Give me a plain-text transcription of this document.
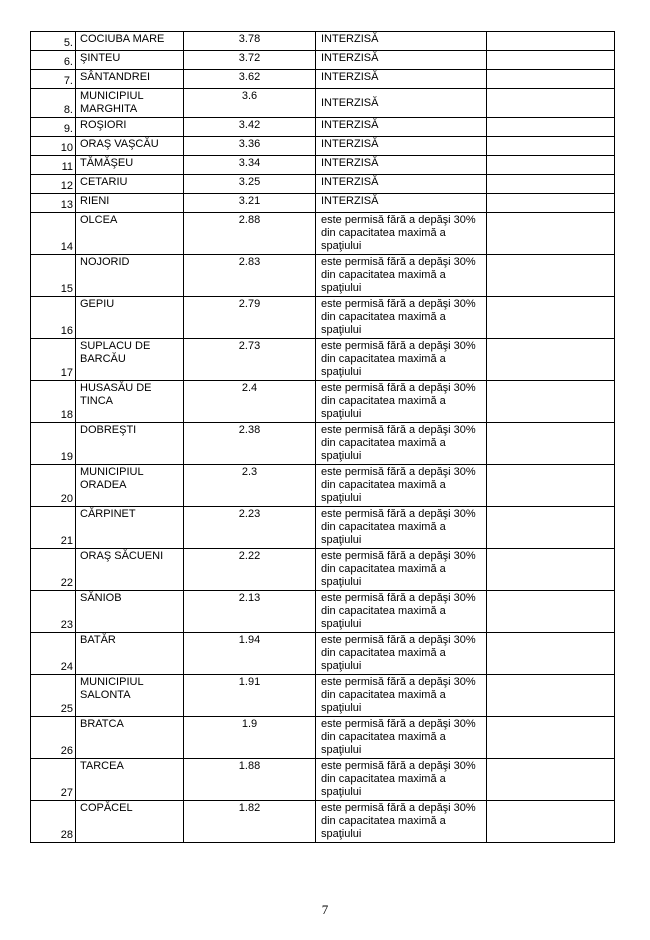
5.	COCIUBA MARE	3.78	INTERZISĂ	
6.	ŞINTEU	3.72	INTERZISĂ	
7.	SÂNTANDREI	3.62	INTERZISĂ	
8.	MUNICIPIUL MARGHITA	3.6	INTERZISĂ	
9.	ROŞIORI	3.42	INTERZISĂ	
10	ORAŞ VAŞCĂU	3.36	INTERZISĂ	
11	TĂMĂŞEU	3.34	INTERZISĂ	
12	CETARIU	3.25	INTERZISĂ	
13	RIENI	3.21	INTERZISĂ	
14	OLCEA	2.88	este permisă fără a depăşi 30% din capacitatea maximă a spaţiului	
15	NOJORID	2.83	este permisă fără a depăşi 30% din capacitatea maximă a spaţiului	
16	GEPIU	2.79	este permisă fără a depăşi 30% din capacitatea maximă a spaţiului	
17	SUPLACU DE BARCĂU	2.73	este permisă fără a depăşi 30% din capacitatea maximă a spaţiului	
18	HUSASĂU DE TINCA	2.4	este permisă fără a depăşi 30% din capacitatea maximă a spaţiului	
19	DOBREŞTI	2.38	este permisă fără a depăşi 30% din capacitatea maximă a spaţiului	
20	MUNICIPIUL ORADEA	2.3	este permisă fără a depăşi 30% din capacitatea maximă a spaţiului	
21	CĂRPINET	2.23	este permisă fără a depăşi 30% din capacitatea maximă a spaţiului	
22	ORAŞ SĂCUENI	2.22	este permisă fără a depăşi 30% din capacitatea maximă a spaţiului	
23	SĂNIOB	2.13	este permisă fără a depăşi 30% din capacitatea maximă a spaţiului	
24	BATĂR	1.94	este permisă fără a depăşi 30% din capacitatea maximă a spaţiului	
25	MUNICIPIUL SALONTA	1.91	este permisă fără a depăşi 30% din capacitatea maximă a spaţiului	
26	BRATCA	1.9	este permisă fără a depăşi 30% din capacitatea maximă a spaţiului	
27	TARCEA	1.88	este permisă fără a depăşi 30% din capacitatea maximă a spaţiului	
28	COPĂCEL	1.82	este permisă fără a depăşi 30% din capacitatea maximă a spaţiului	
7
